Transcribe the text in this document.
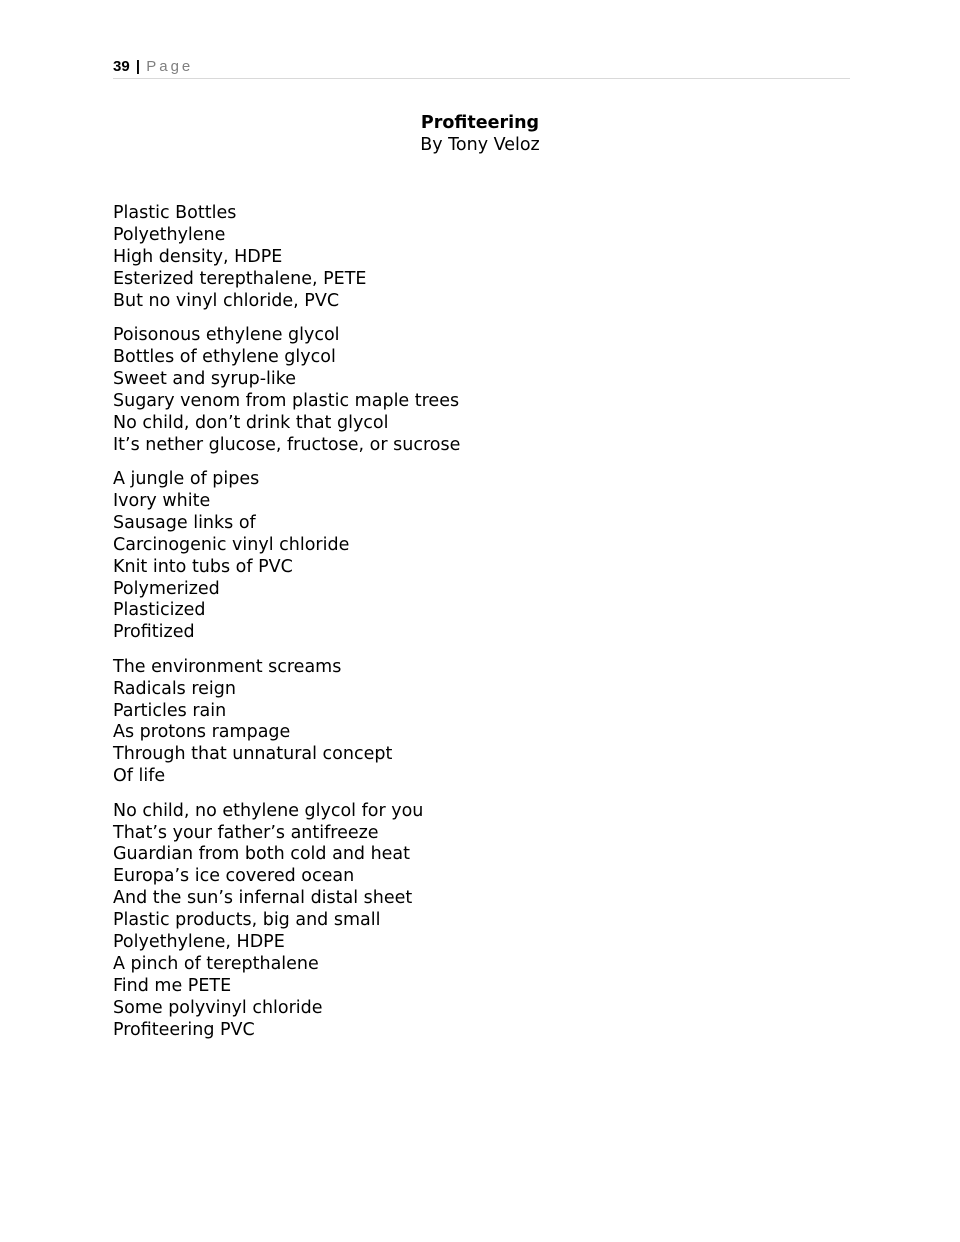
39 | Page
Profiteering
By Tony Veloz
Plastic Bottles
Polyethylene
High density, HDPE
Esterized terepthalene, PETE
But no vinyl chloride, PVC
Poisonous ethylene glycol
Bottles of ethylene glycol
Sweet and syrup-like
Sugary venom from plastic maple trees
No child, don’t drink that glycol
It’s nether glucose, fructose, or sucrose
A jungle of pipes
Ivory white
Sausage links of
Carcinogenic vinyl chloride
Knit into tubs of PVC
Polymerized
Plasticized
Profitized
The environment screams
Radicals reign
Particles rain
As protons rampage
Through that unnatural concept
Of life
No child, no ethylene glycol for you
That’s your father’s antifreeze
Guardian from both cold and heat
Europa’s ice covered ocean
And the sun’s infernal distal sheet
Plastic products, big and small
Polyethylene, HDPE
A pinch of terepthalene
Find me PETE
Some polyvinyl chloride
Profiteering PVC
